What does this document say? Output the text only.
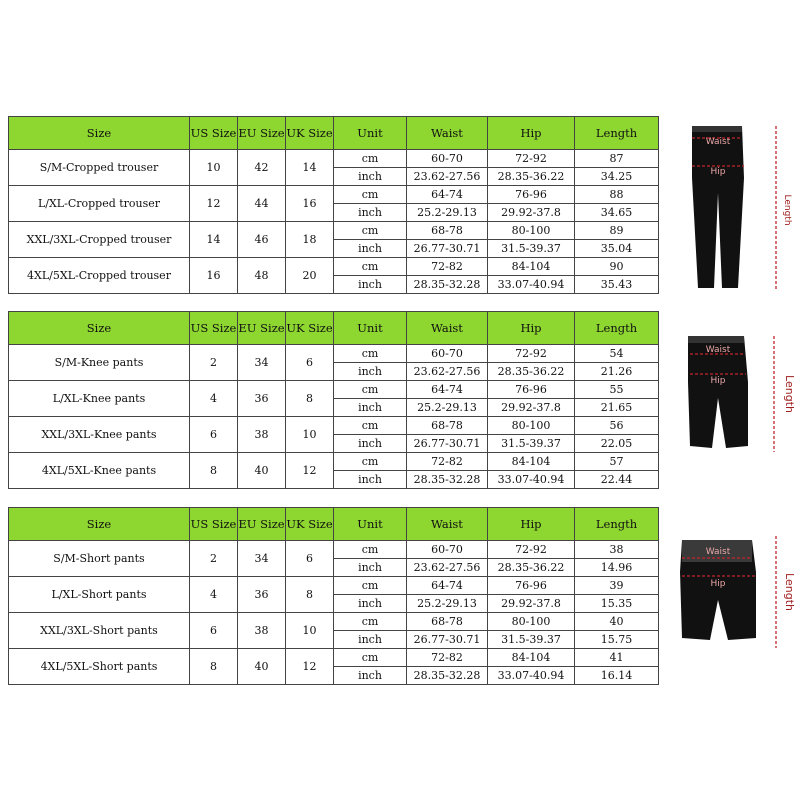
Size	US Size	EU Size	UK Size	Unit	Waist	Hip	Length
S/M-Cropped trouser	10	42	14	cm	60-70	72-92	87
				inch	23.62-27.56	28.35-36.22	34.25
L/XL-Cropped trouser	12	44	16	cm	64-74	76-96	88
				inch	25.2-29.13	29.92-37.8	34.65
XXL/3XL-Cropped trouser	14	46	18	cm	68-78	80-100	89
				inch	26.77-30.71	31.5-39.37	35.04
4XL/5XL-Cropped trouser	16	48	20	cm	72-82	84-104	90
				inch	28.35-32.28	33.07-40.94	35.43
Size	US Size	EU Size	UK Size	Unit	Waist	Hip	Length
S/M-Knee pants	2	34	6	cm	60-70	72-92	54
				inch	23.62-27.56	28.35-36.22	21.26
L/XL-Knee pants	4	36	8	cm	64-74	76-96	55
				inch	25.2-29.13	29.92-37.8	21.65
XXL/3XL-Knee pants	6	38	10	cm	68-78	80-100	56
				inch	26.77-30.71	31.5-39.37	22.05
4XL/5XL-Knee pants	8	40	12	cm	72-82	84-104	57
				inch	28.35-32.28	33.07-40.94	22.44
Size	US Size	EU Size	UK Size	Unit	Waist	Hip	Length
S/M-Short pants	2	34	6	cm	60-70	72-92	38
				inch	23.62-27.56	28.35-36.22	14.96
L/XL-Short pants	4	36	8	cm	64-74	76-96	39
				inch	25.2-29.13	29.92-37.8	15.35
XXL/3XL-Short pants	6	38	10	cm	68-78	80-100	40
				inch	26.77-30.71	31.5-39.37	15.75
4XL/5XL-Short pants	8	40	12	cm	72-82	84-104	41
				inch	28.35-32.28	33.07-40.94	16.14
Waist
Hip
Length
Waist
Hip	Length
Waist
Hip	Length
